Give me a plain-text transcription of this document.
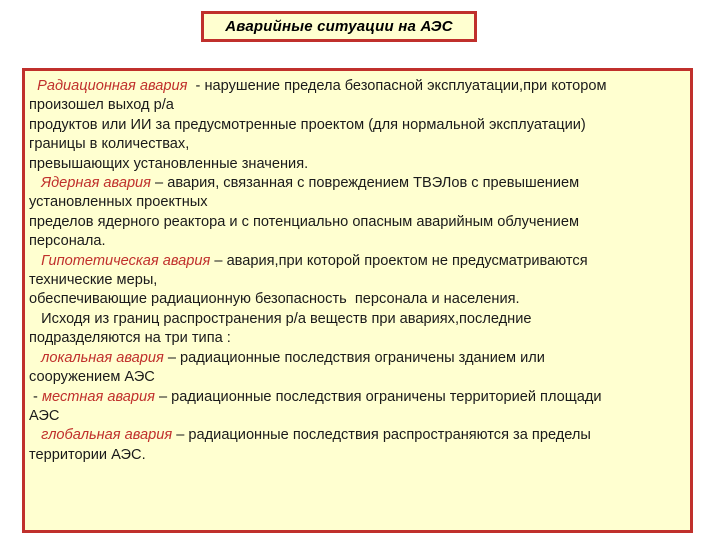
Аварийные ситуации на АЭС
Радиационная авария  - нарушение предела безопасной эксплуатации,при котором
произошел выход р/а
продуктов или ИИ за предусмотренные проектом (для нормальной эксплуатации)
границы в количествах,
превышающих установленные значения.
Ядерная авария – авария, связанная с повреждением ТВЭЛов с превышением
установленных проектных
пределов ядерного реактора и с потенциально опасным аварийным облучением
персонала.
Гипотетическая авария – авария,при которой проектом не предусматриваются
технические меры,
обеспечивающие радиационную безопасность  персонала и населения.
Исходя из границ распространения р/а веществ при авариях,последние
подразделяются на три типа :
локальная авария – радиационные последствия ограничены зданием или
сооружением АЭС
- местная авария – радиационные последствия ограничены территорией площади
АЭС
глобальная авария – радиационные последствия распространяются за пределы
территории АЭС.
